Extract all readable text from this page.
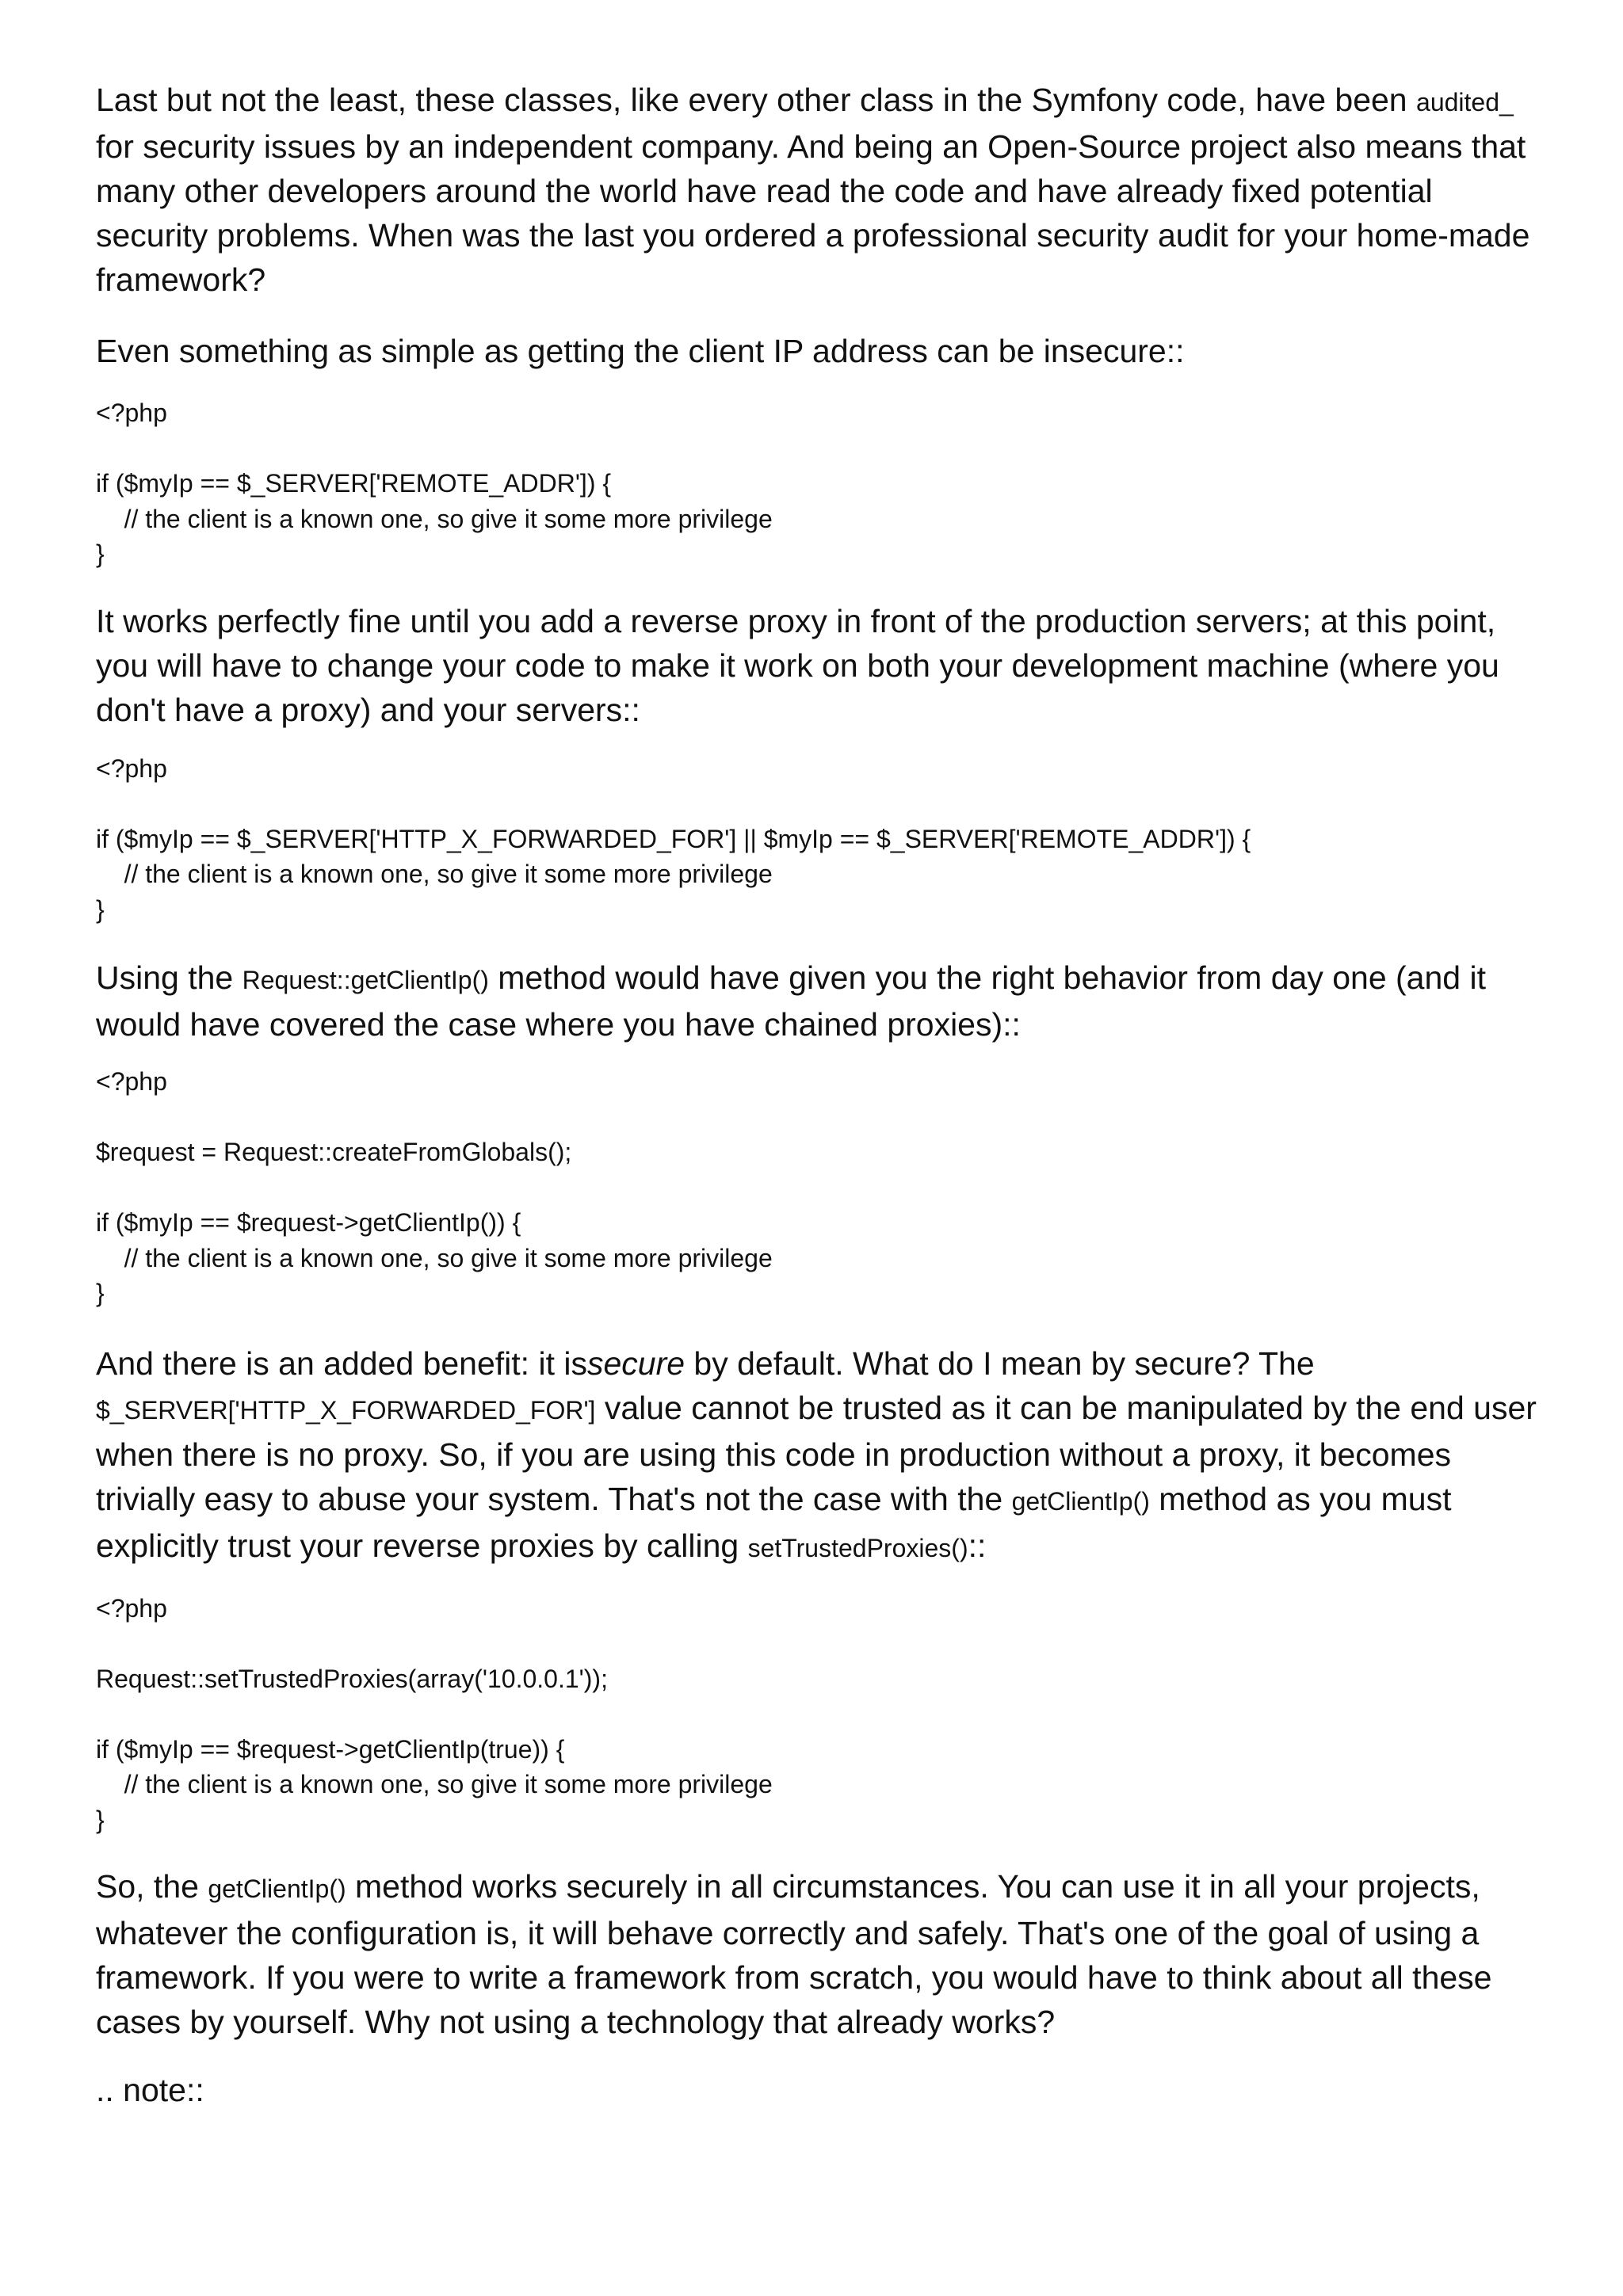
Last but not the least, these classes, like every other class in the Symfony code, have been audited_ for security issues by an independent company. And being an Open-Source project also means that many other developers around the world have read the code and have already fixed potential security problems. When was the last you ordered a professional security audit for your home-made framework?

Even something as simple as getting the client IP address can be insecure::

<?php
if ($myIp == $_SERVER['REMOTE_ADDR']) {
// the client is a known one, so give it some more privilege
}

It works perfectly fine until you add a reverse proxy in front of the production servers; at this point, you will have to change your code to make it work on both your development machine (where you don't have a proxy) and your servers::

<?php
if ($myIp == $_SERVER['HTTP_X_FORWARDED_FOR'] || $myIp == $_SERVER['REMOTE_ADDR']) {
// the client is a known one, so give it some more privilege
}

Using the Request::getClientIp() method would have given you the right behavior from day one (and it would have covered the case where you have chained proxies)::

<?php
$request = Request::createFromGlobals();
if ($myIp == $request->getClientIp()) {
// the client is a known one, so give it some more privilege
}

And there is an added benefit: it issecure by default. What do I mean by secure? The $_SERVER['HTTP_X_FORWARDED_FOR'] value cannot be trusted as it can be manipulated by the end user when there is no proxy. So, if you are using this code in production without a proxy, it becomes trivially easy to abuse your system. That's not the case with the getClientIp() method as you must explicitly trust your reverse proxies by calling setTrustedProxies()::

<?php
Request::setTrustedProxies(array('10.0.0.1'));
if ($myIp == $request->getClientIp(true)) {
// the client is a known one, so give it some more privilege
}

So, the getClientIp() method works securely in all circumstances. You can use it in all your projects, whatever the configuration is, it will behave correctly and safely. That's one of the goal of using a framework. If you were to write a framework from scratch, you would have to think about all these cases by yourself. Why not using a technology that already works?

.. note::
